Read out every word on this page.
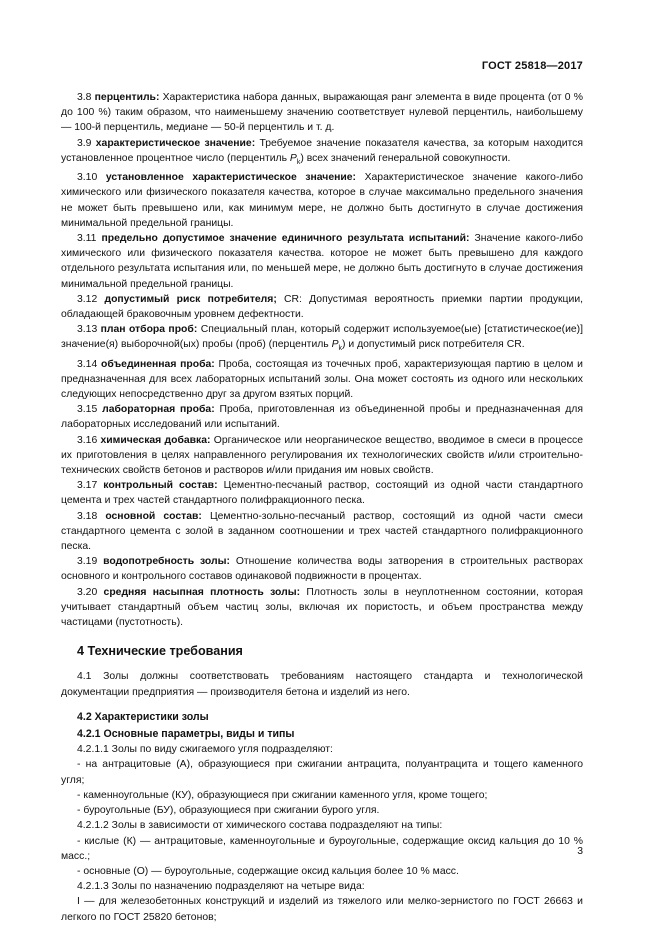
ГОСТ 25818—2017

3.8 перцентиль: Характеристика набора данных, выражающая ранг элемента в виде процента (от 0 % до 100 %) таким образом, что наименьшему значению соответствует нулевой перцентиль, наибольшему — 100-й перцентиль, медиане — 50-й перцентиль и т. д.

3.9 характеристическое значение: Требуемое значение показателя качества, за которым находится установленное процентное число (перцентиль $P_k$) всех значений генеральной совокупности.

3.10 установленное характеристическое значение: Характеристическое значение какого-либо химического или физического показателя качества, которое в случае максимально предельного значения не может быть превышено или, как минимум мере, не должно быть достигнуто в случае достижения минимальной предельной границы.

3.11 предельно допустимое значение единичного результата испытаний: Значение какого-либо химического или физического показателя качества. которое не может быть превышено для каждого отдельного результата испытания или, по меньшей мере, не должно быть достигнуто в случае достижения минимальной предельной границы.

3.12 допустимый риск потребителя; CR: Допустимая вероятность приемки партии продукции, обладающей браковочным уровнем дефектности.

3.13 план отбора проб: Специальный план, который содержит используемое(ые) [статистическое(ие)] значение(я) выборочной(ых) пробы (проб) (перцентиль $P_k$) и допустимый риск потребителя CR.

3.14 объединенная проба: Проба, состоящая из точечных проб, характеризующая партию в целом и предназначенная для всех лабораторных испытаний золы. Она может состоять из одного или нескольких следующих непосредственно друг за другом взятых порций.

3.15 лабораторная проба: Проба, приготовленная из объединенной пробы и предназначенная для лабораторных исследований или испытаний.

3.16 химическая добавка: Органическое или неорганическое вещество, вводимое в смеси в процессе их приготовления в целях направленного регулирования их технологических свойств и/или строительно-технических свойств бетонов и растворов и/или придания им новых свойств.

3.17 контрольный состав: Цементно-песчаный раствор, состоящий из одной части стандартного цемента и трех частей стандартного полифракционного песка.

3.18 основной состав: Цементно-зольно-песчаный раствор, состоящий из одной части смеси стандартного цемента с золой в заданном соотношении и трех частей стандартного полифракционного песка.

3.19 водопотребность золы: Отношение количества воды затворения в строительных растворах основного и контрольного составов одинаковой подвижности в процентах.

3.20 средняя насыпная плотность золы: Плотность золы в неуплотненном состоянии, которая учитывает стандартный объем частиц золы, включая их пористость, и объем пространства между частицами (пустотность).

4 Технические требования

4.1 Золы должны соответствовать требованиям настоящего стандарта и технологической документации предприятия — производителя бетона и изделий из него.

4.2 Характеристики золы
4.2.1 Основные параметры, виды и типы

4.2.1.1 Золы по виду сжигаемого угля подразделяют:

- на антрацитовые (А), образующиеся при сжигании антрацита, полуантрацита и тощего каменного угля;

- каменноугольные (КУ), образующиеся при сжигании каменного угля, кроме тощего;

- буроугольные (БУ), образующиеся при сжигании бурого угля.

4.2.1.2 Золы в зависимости от химического состава подразделяют на типы:

- кислые (К) — антрацитовые, каменноугольные и буроугольные, содержащие оксид кальция до 10 % масс.;

- основные (О) — буроугольные, содержащие оксид кальция более 10 % масс.

4.2.1.3 Золы по назначению подразделяют на четыре вида:

I — для железобетонных конструкций и изделий из тяжелого или мелко-зернистого по ГОСТ 26663 и легкого по ГОСТ 25820 бетонов;

3
